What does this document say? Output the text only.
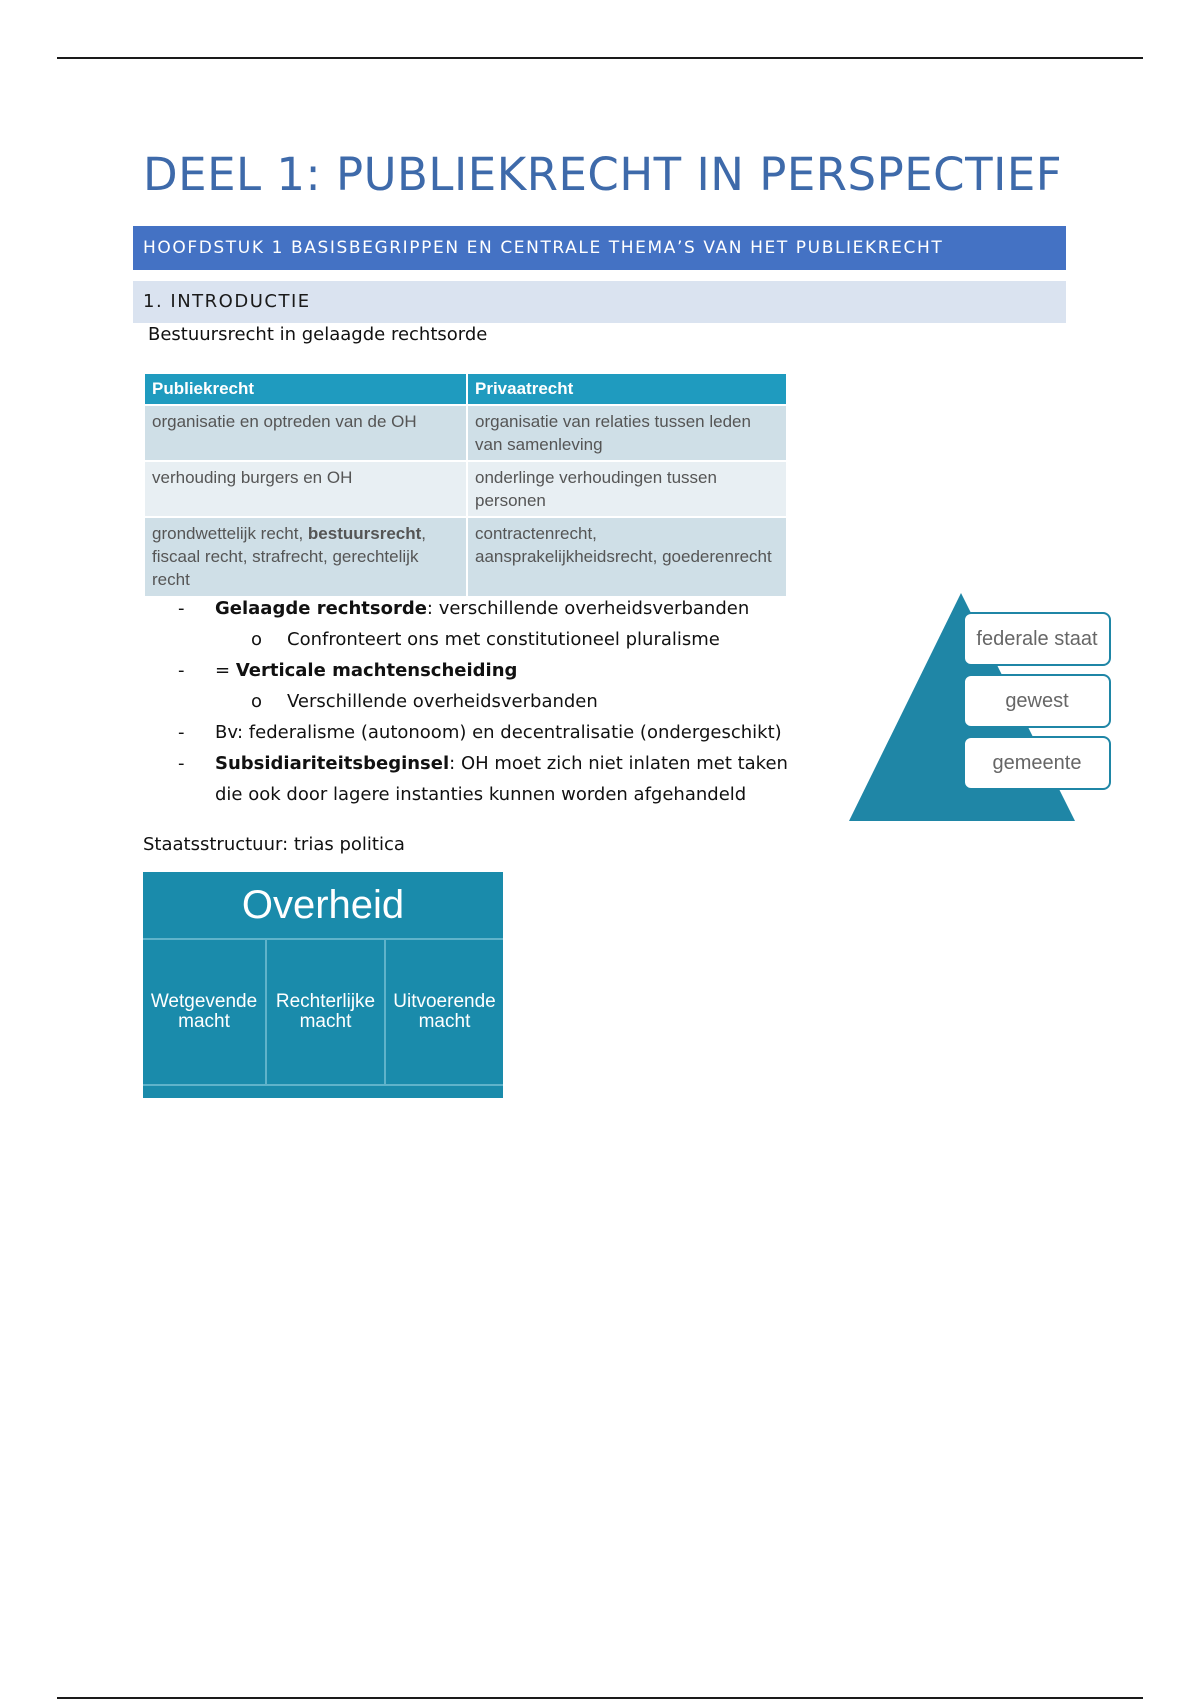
DEEL 1: PUBLIEKRECHT IN PERSPECTIEF
HOOFDSTUK 1 BASISBEGRIPPEN EN CENTRALE THEMA’S VAN HET PUBLIEKRECHT
1. INTRODUCTIE
Bestuursrecht in gelaagde rechtsorde
Publiekrecht	Privaatrecht
organisatie en optreden van de OH	organisatie van relaties tussen leden van samenleving
verhouding burgers en OH	onderlinge verhoudingen tussen personen
grondwettelijk recht, bestuursrecht, fiscaal recht, strafrecht, gerechtelijk recht	contractenrecht, aansprakelijkheidsrecht, goederenrecht
- Gelaagde rechtsorde: verschillende overheidsverbanden
o Confronteert ons met constitutioneel pluralisme
- = Verticale machtenscheiding
o Verschillende overheidsverbanden
- Bv: federalisme (autonoom) en decentralisatie (ondergeschikt)
- Subsidiariteitsbeginsel: OH moet zich niet inlaten met taken
die ook door lagere instanties kunnen worden afgehandeld
federale staat
gewest
gemeente
Staatsstructuur: trias politica
Overheid
Wetgevende
macht
Rechterlijke
macht
Uitvoerende
macht
